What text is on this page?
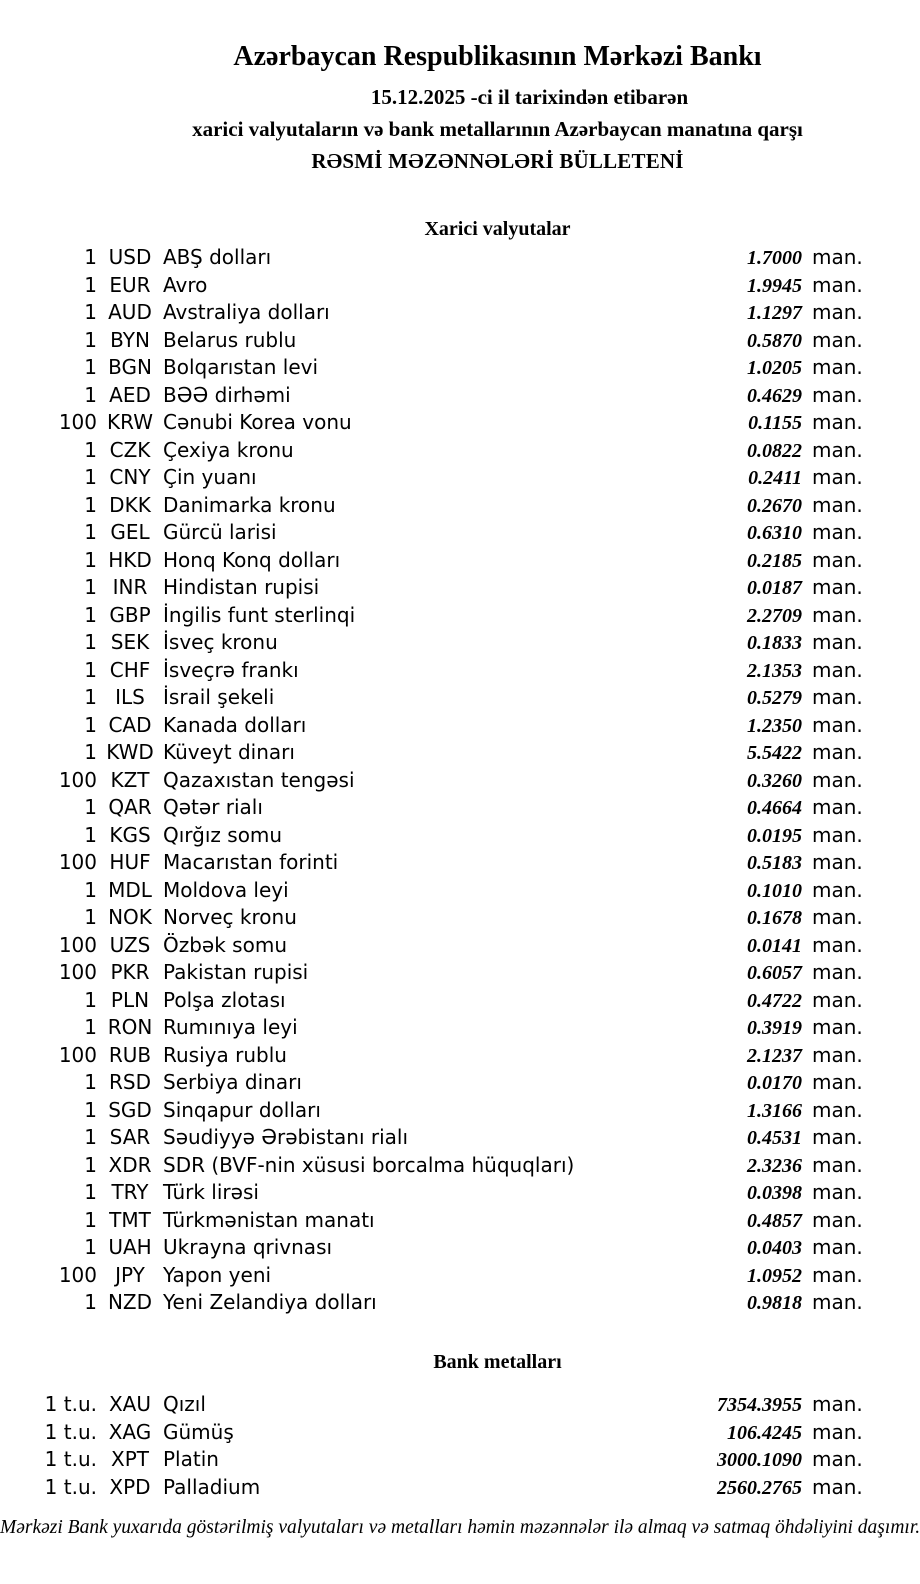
Azərbaycan Respublikasının Mərkəzi Bankı
15.12.2025 -ci il tarixindən etibarən
xarici valyutaların və bank metallarının Azərbaycan manatına qarşı
RƏSMİ MƏZƏNNƏLƏRİ BÜLLETENİ
Xarici valyutalar
1 USD ABŞ dolları	1.7000 man.
1 EUR Avro	1.9945 man.
1 AUD Avstraliya dolları	1.1297 man.
1 BYN Belarus rublu	0.5870 man.
1 BGN Bolqarıstan levi	1.0205 man.
1 AED BƏƏ dirhəmi	0.4629 man.
100 KRW Cənubi Korea vonu	0.1155 man.
1 CZK Çexiya kronu	0.0822 man.
1 CNY Çin yuanı	0.2411 man.
1 DKK Danimarka kronu	0.2670 man.
1 GEL Gürcü larisi	0.6310 man.
1 HKD Honq Konq dolları	0.2185 man.
1 INR Hindistan rupisi	0.0187 man.
1 GBP İngilis funt sterlinqi	2.2709 man.
1 SEK İsveç kronu	0.1833 man.
1 CHF İsveçrə frankı	2.1353 man.
1 ILS İsrail şekeli	0.5279 man.
1 CAD Kanada dolları	1.2350 man.
1 KWD Küveyt dinarı	5.5422 man.
100 KZT Qazaxıstan tengəsi	0.3260 man.
1 QAR Qətər rialı	0.4664 man.
1 KGS Qırğız somu	0.0195 man.
100 HUF Macarıstan forinti	0.5183 man.
1 MDL Moldova leyi	0.1010 man.
1 NOK Norveç kronu	0.1678 man.
100 UZS Özbək somu	0.0141 man.
100 PKR Pakistan rupisi	0.6057 man.
1 PLN Polşa zlotası	0.4722 man.
1 RON Rumınıya leyi	0.3919 man.
100 RUB Rusiya rublu	2.1237 man.
1 RSD Serbiya dinarı	0.0170 man.
1 SGD Sinqapur dolları	1.3166 man.
1 SAR Səudiyyə Ərəbistanı rialı	0.4531 man.
1 XDR SDR (BVF-nin xüsusi borcalma hüquqları)	2.3236 man.
1 TRY Türk lirəsi	0.0398 man.
1 TMT Türkmənistan manatı	0.4857 man.
1 UAH Ukrayna qrivnası	0.0403 man.
100 JPY Yapon yeni	1.0952 man.
1 NZD Yeni Zelandiya dolları	0.9818 man.
Bank metalları
1 t.u. XAU Qızıl	7354.3955 man.
1 t.u. XAG Gümüş	106.4245 man.
1 t.u. XPT Platin	3000.1090 man.
1 t.u. XPD Palladium	2560.2765 man.
Mərkəzi Bank yuxarıda göstərilmiş valyutaları və metalları həmin məzənnələr ilə almaq və satmaq öhdəliyini daşımır.
